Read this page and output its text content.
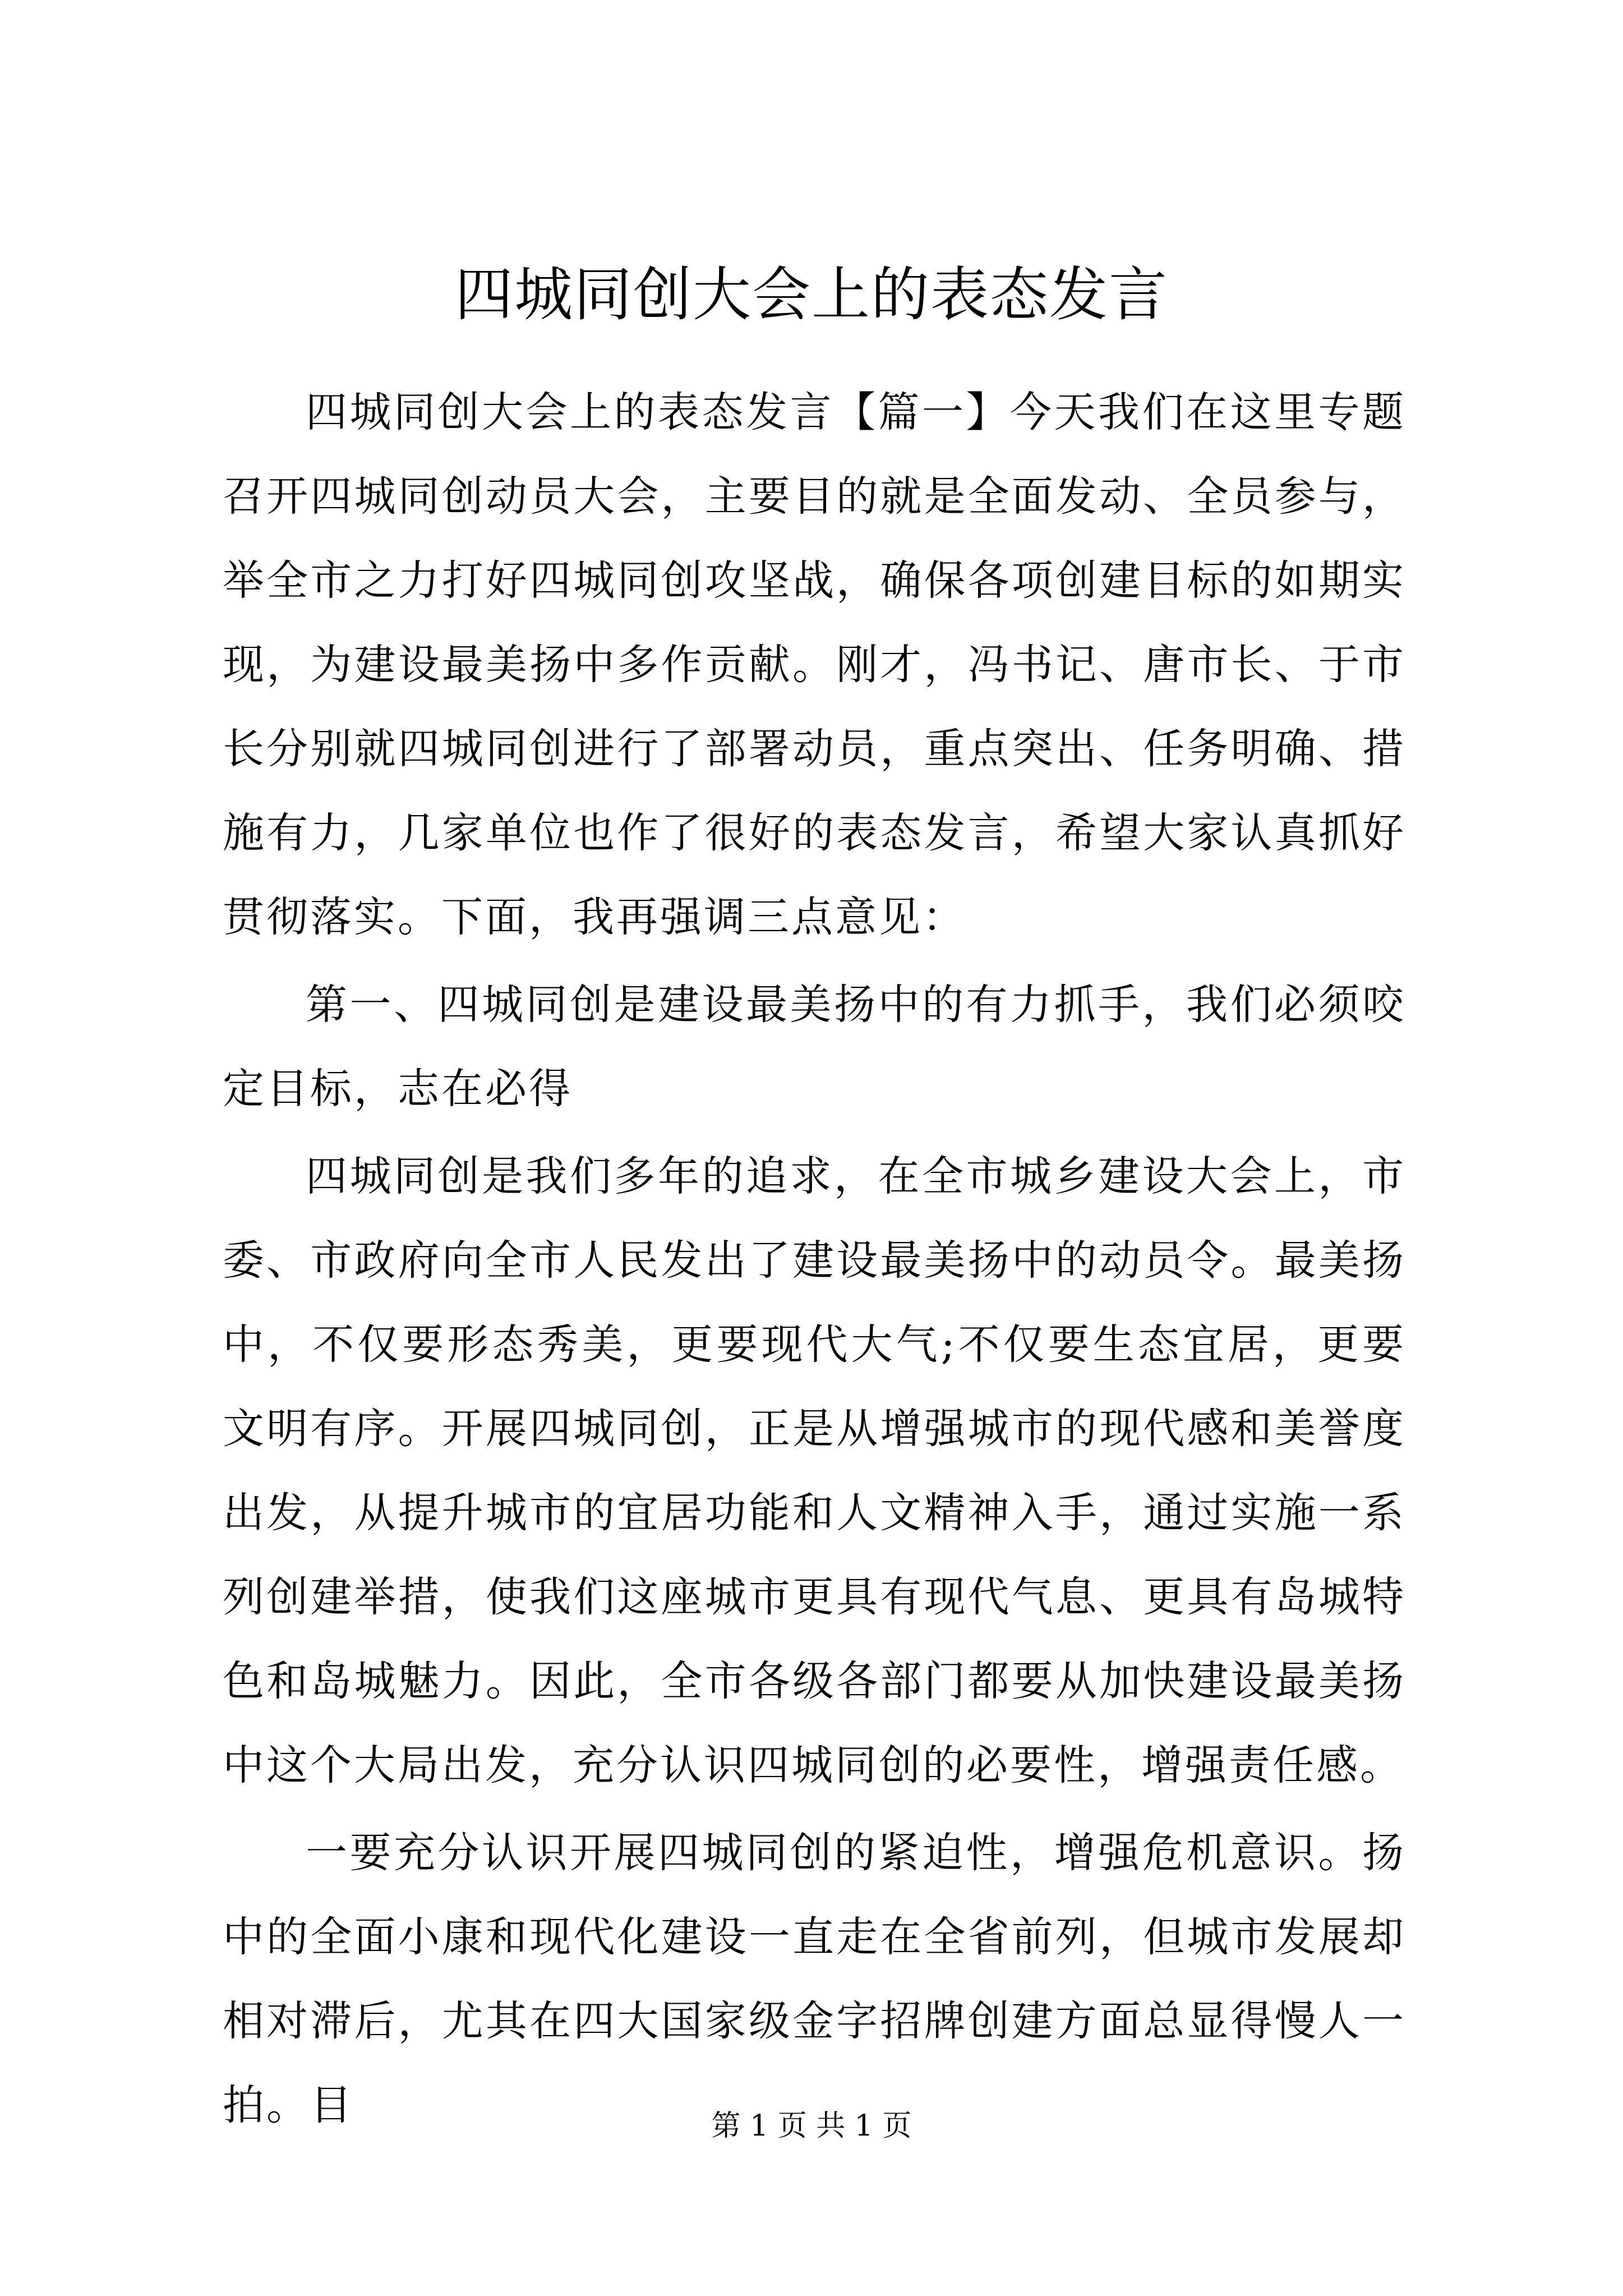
四城同创大会上的表态发言

四城同创大会上的表态发言【篇一】今天我们在这里专题召开四城同创动员大会，主要目的就是全面发动、全员参与，举全市之力打好四城同创攻坚战，确保各项创建目标的如期实现，为建设最美扬中多作贡献。刚才，冯书记、唐市长、于市长分别就四城同创进行了部署动员，重点突出、任务明确、措施有力，几家单位也作了很好的表态发言，希望大家认真抓好贯彻落实。下面，我再强调三点意见：

第一、四城同创是建设最美扬中的有力抓手，我们必须咬定目标，志在必得

四城同创是我们多年的追求，在全市城乡建设大会上，市委、市政府向全市人民发出了建设最美扬中的动员令。最美扬中，不仅要形态秀美，更要现代大气;不仅要生态宜居，更要文明有序。开展四城同创，正是从增强城市的现代感和美誉度出发，从提升城市的宜居功能和人文精神入手，通过实施一系列创建举措，使我们这座城市更具有现代气息、更具有岛城特色和岛城魅力。因此，全市各级各部门都要从加快建设最美扬中这个大局出发，充分认识四城同创的必要性，增强责任感。

一要充分认识开展四城同创的紧迫性，增强危机意识。扬中的全面小康和现代化建设一直走在全省前列，但城市发展却相对滞后，尤其在四大国家级金字招牌创建方面总显得慢人一拍。目	第 1 页 共 1 页
